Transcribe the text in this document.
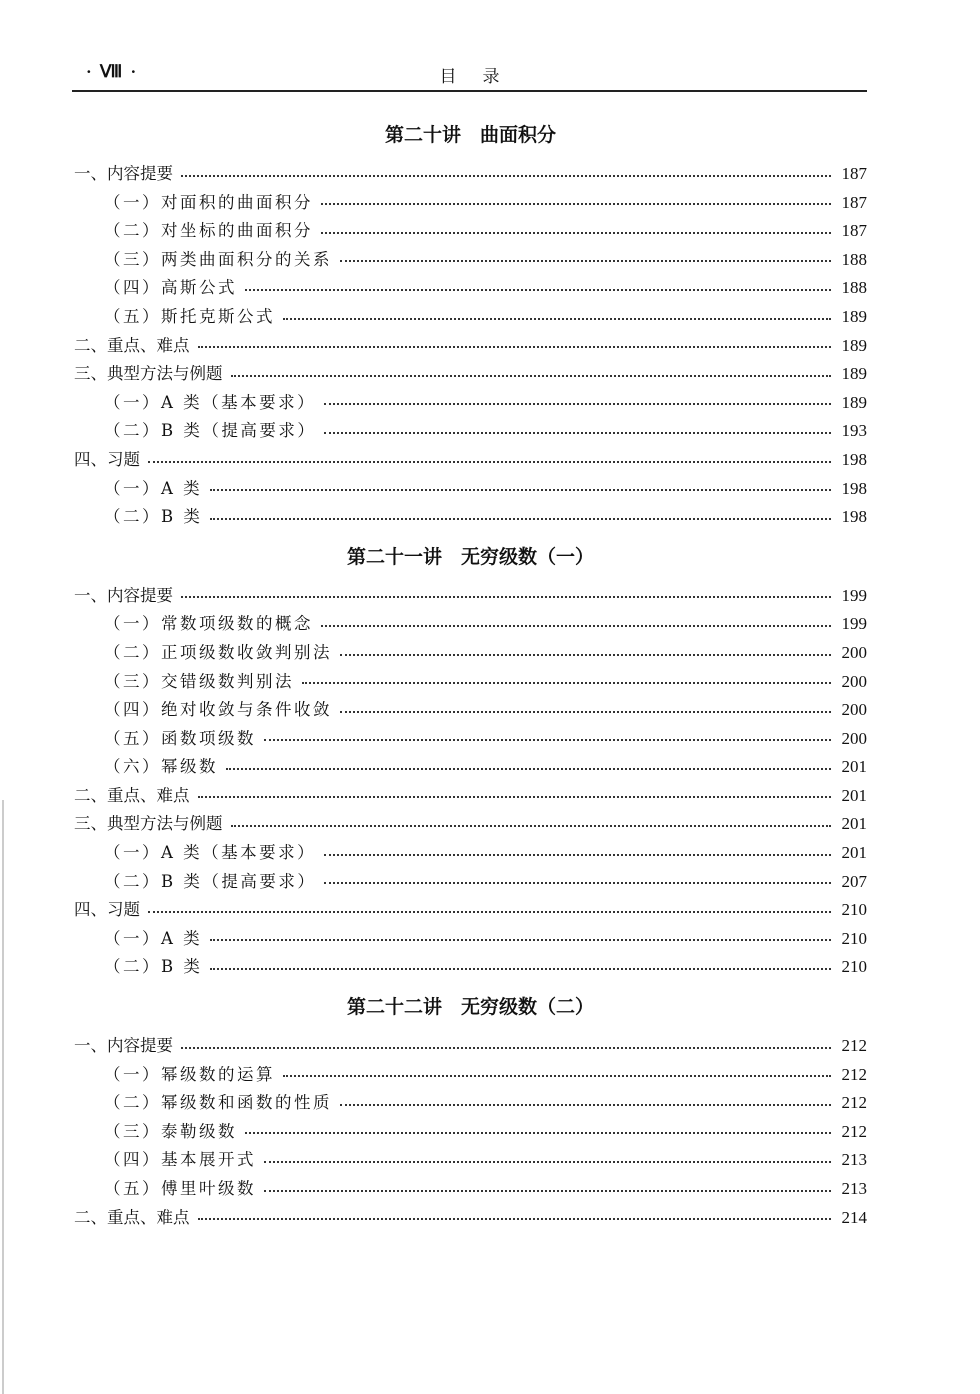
· Ⅷ ·	目录
第二十讲　曲面积分
一、内容提要	187
（一）对面积的曲面积分	187
（二）对坐标的曲面积分	187
（三）两类曲面积分的关系	188
（四）高斯公式	188
（五）斯托克斯公式	189
二、重点、难点	189
三、典型方法与例题	189
（一）A 类（基本要求）	189
（二）B 类（提高要求）	193
四、习题	198
（一）A 类	198
（二）B 类	198
第二十一讲　无穷级数（一）
一、内容提要	199
（一）常数项级数的概念	199
（二）正项级数收敛判别法	200
（三）交错级数判别法	200
（四）绝对收敛与条件收敛	200
（五）函数项级数	200
（六）幂级数	201
二、重点、难点	201
三、典型方法与例题	201
（一）A 类（基本要求）	201
（二）B 类（提高要求）	207
四、习题	210
（一）A 类	210
（二）B 类	210
第二十二讲　无穷级数（二）
一、内容提要	212
（一）幂级数的运算	212
（二）幂级数和函数的性质	212
（三）泰勒级数	212
（四）基本展开式	213
（五）傅里叶级数	213
二、重点、难点	214
